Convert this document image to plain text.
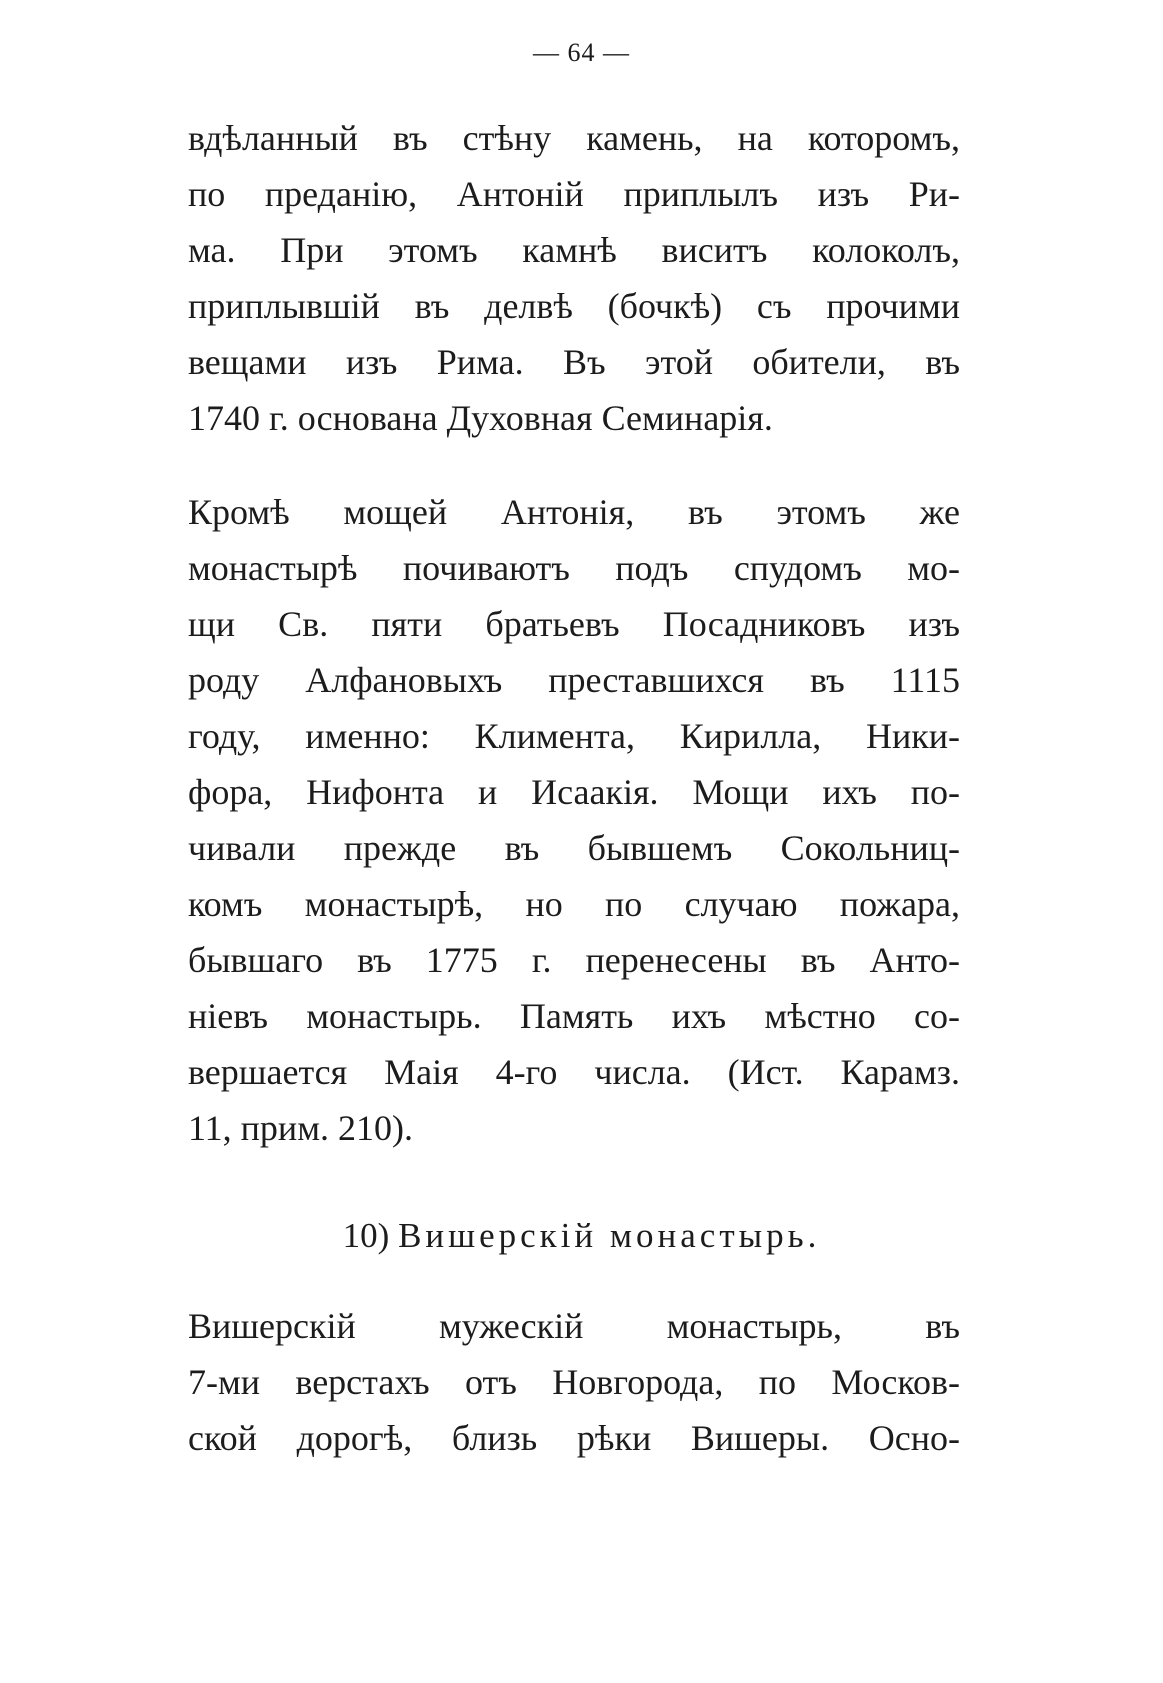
— 64 —
вдѣланный въ стѣну камень, на которомъ,
по преданію, Антоній приплылъ изъ Ри-
ма. При этомъ камнѣ виситъ колоколъ,
приплывшій въ делвѣ (бочкѣ) съ прочими
вещами изъ Рима. Въ этой обители, въ
1740 г. основана Духовная Семинарія.
Кромѣ мощей Антонія, въ этомъ же
монастырѣ почиваютъ подъ спудомъ мо-
щи Св. пяти братьевъ Посадниковъ изъ
роду Алфановыхъ преставшихся въ 1115
году, именно: Климента, Кирилла, Ники-
фора, Нифонта и Исаакія. Мощи ихъ по-
чивали прежде въ бывшемъ Сокольниц-
комъ монастырѣ, но по случаю пожара,
бывшаго въ 1775 г. перенесены въ Анто-
ніевъ монастырь. Память ихъ мѣстно со-
вершается Маія 4-го числа. (Ист. Карамз.
11, прим. 210).
10) Вишерскій монастырь.
Вишерскій мужескій монастырь, въ
7-ми верстахъ отъ Новгорода, по Москов-
ской дорогѣ, близь рѣки Вишеры. Осно-
